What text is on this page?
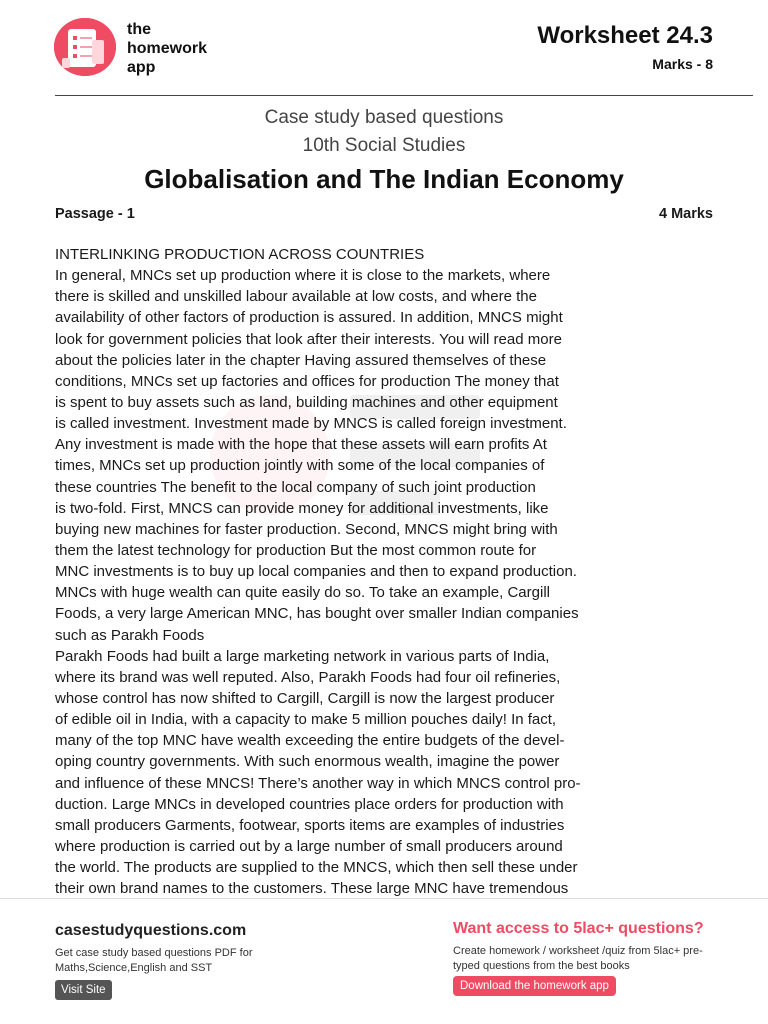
the
homework
app
Worksheet 24.3
Marks - 8
Case study based questions
10th Social Studies
Globalisation and The Indian Economy
Passage - 1	4 Marks
INTERLINKING PRODUCTION ACROSS COUNTRIES
In general, MNCs set up production where it is close to the markets, where
there is skilled and unskilled labour available at low costs, and where the
availability of other factors of production is assured. In addition, MNCS might
look for government policies that look after their interests. You will read more
about the policies later in the chapter Having assured themselves of these
conditions, MNCs set up factories and offices for production The money that
is spent to buy assets such as land, building machines and other equipment
is called investment. Investment made by MNCS is called foreign investment.
Any investment is made with the hope that these assets will earn profits At
times, MNCs set up production jointly with some of the local companies of
these countries The benefit to the local company of such joint production
is two-fold. First, MNCS can provide money for additional investments, like
buying new machines for faster production. Second, MNCS might bring with
them the latest technology for production But the most common route for
MNC investments is to buy up local companies and then to expand production.
MNCs with huge wealth can quite easily do so. To take an example, Cargill
Foods, a very large American MNC, has bought over smaller Indian companies
such as Parakh Foods
Parakh Foods had built a large marketing network in various parts of India,
where its brand was well reputed. Also, Parakh Foods had four oil refineries,
whose control has now shifted to Cargill, Cargill is now the largest producer
of edible oil in India, with a capacity to make 5 million pouches daily! In fact,
many of the top MNC have wealth exceeding the entire budgets of the devel-
oping country governments. With such enormous wealth, imagine the power
and influence of these MNCS! There’s another way in which MNCS control pro-
duction. Large MNCs in developed countries place orders for production with
small producers Garments, footwear, sports items are examples of industries
where production is carried out by a large number of small producers around
the world. The products are supplied to the MNCS, which then sell these under
their own brand names to the customers. These large MNC have tremendous
casestudyquestions.com
Get case study based questions PDF for Maths,Science,English and SST
Visit Site
Want access to 5lac+ questions?
Create homework / worksheet /quiz from 5lac+ pre-typed questions from the best books
Download the homework app
